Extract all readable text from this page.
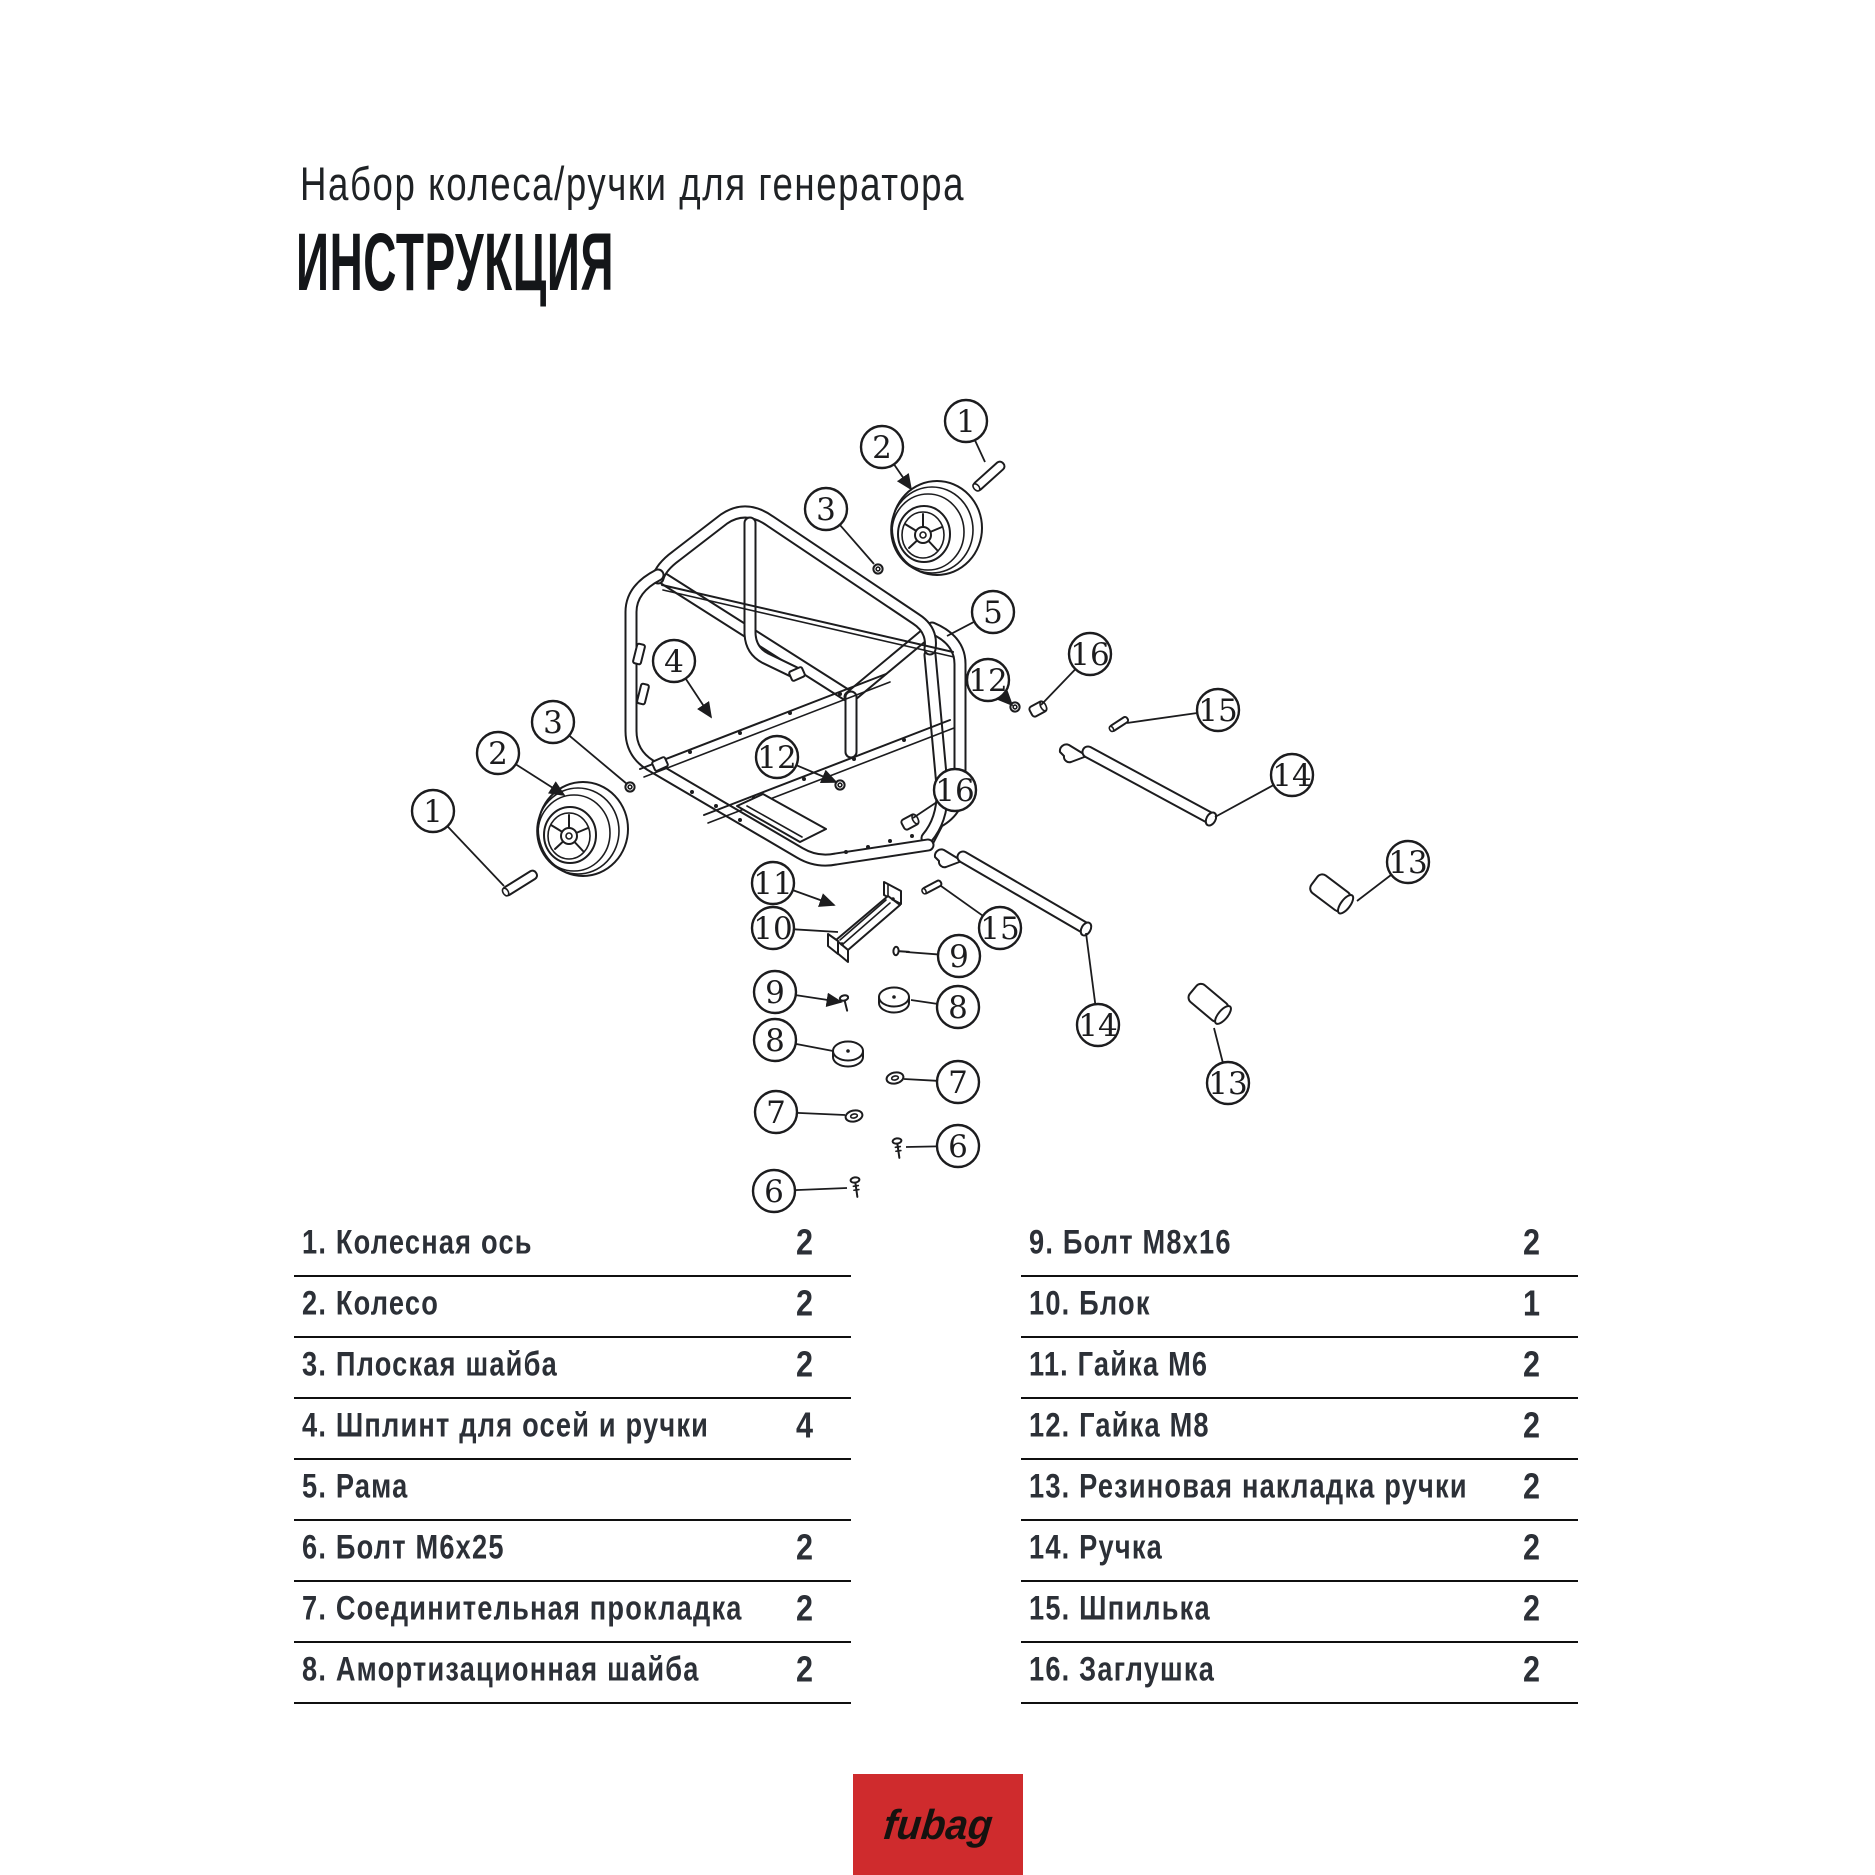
Набор колеса/ручки для генератора
ИНСТРУКЦИЯ
1
2
3
5
16
12
15
14
13
4
3
2
1
12
16
11
10	15
9
9	8
8
7
7
6
6
14
13
1. Колесная ось	2
2. Колесо	2
3. Плоская шайба	2
4. Шплинт для осей и ручки 4
5. Рама
6. Болт М6х25	2
7. Соединительная прокладка 2
8. Амортизационная шайба	2
9. Болт М8х16	2
10. Блок	1
11. Гайка М6	2
12. Гайка М8	2
13. Резиновая накладка ручки 2
14. Ручка	2
15. Шпилька	2
16. Заглушка	2
fubag
